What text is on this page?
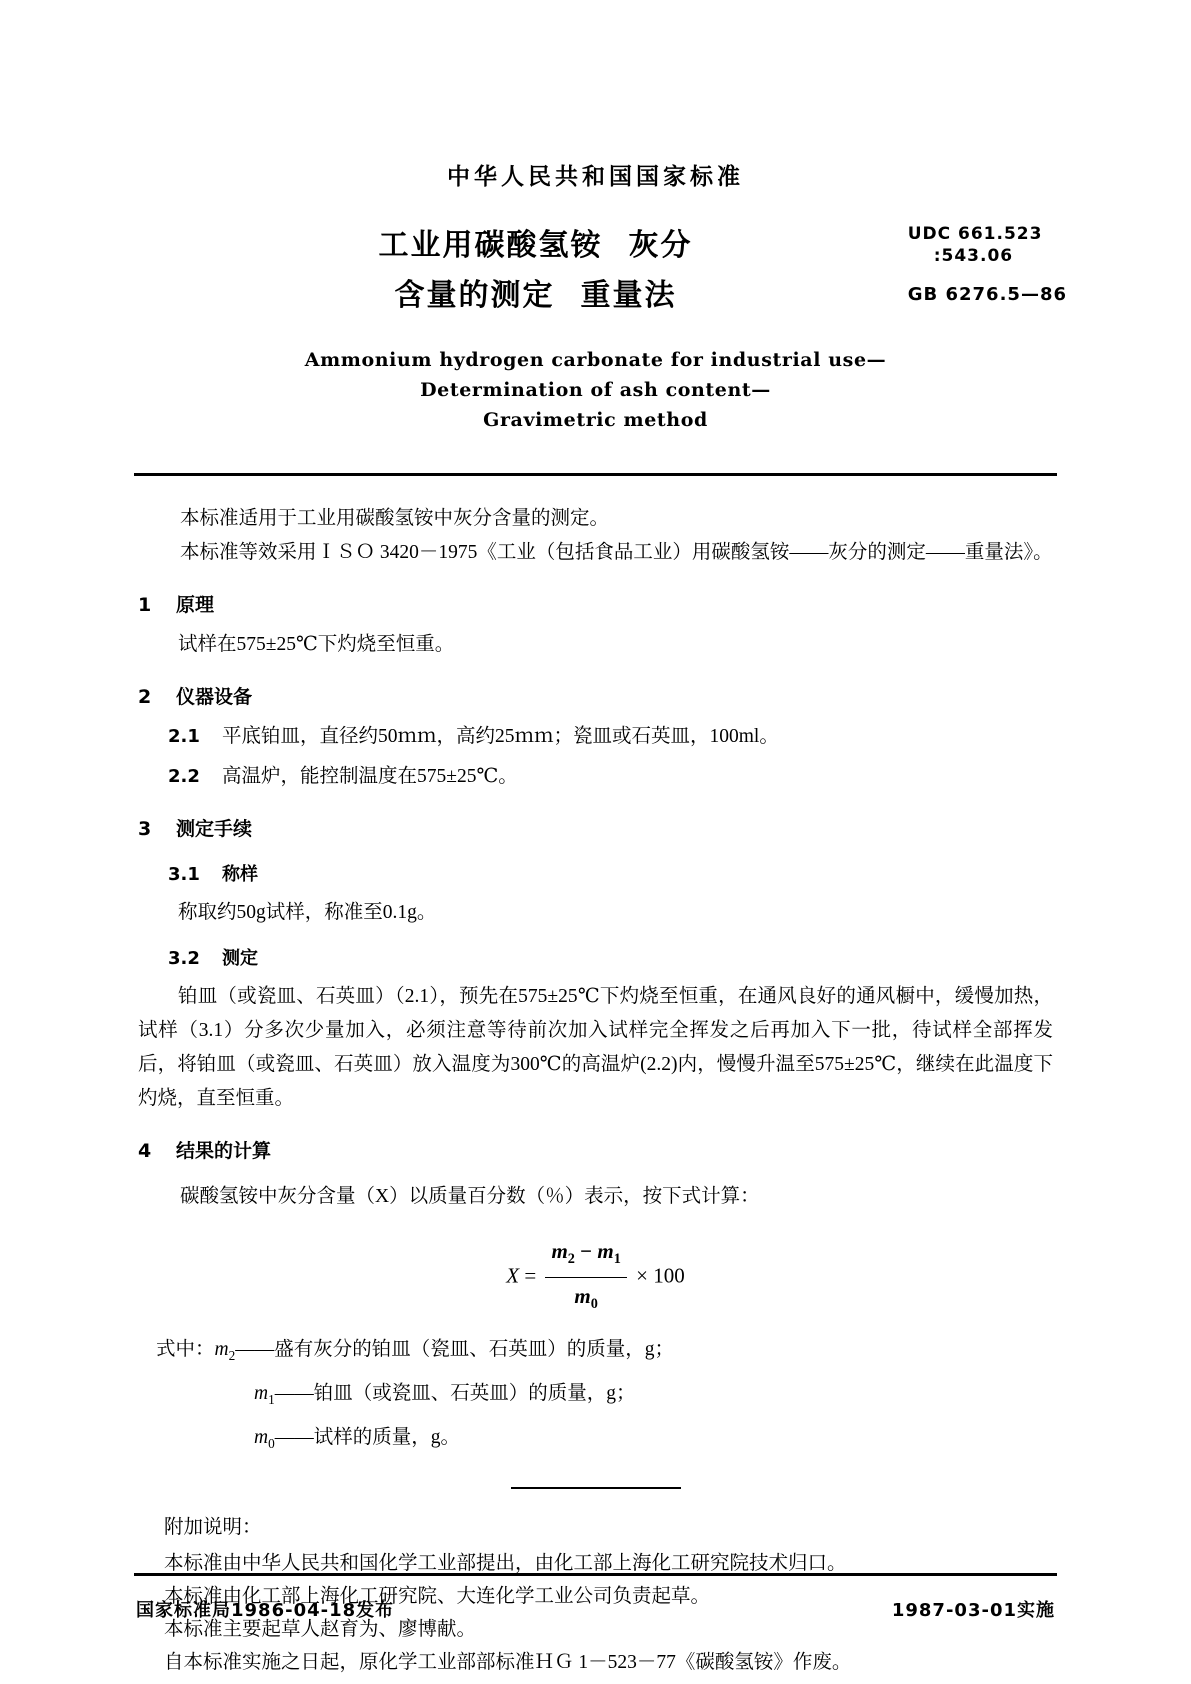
中华人民共和国国家标准
工业用碳酸氢铵 灰分
含量的测定 重量法
UDC 661.523
:543.06
GB 6276.5—86
Ammonium hydrogen carbonate for industrial use—
Determination of ash content—
Gravimetric method

本标准适用于工业用碳酸氢铵中灰分含量的测定。

本标准等效采用ＩＳＯ 3420－1975《工业（包括食品工业）用碳酸氢铵——灰分的测定——重量法》。

1 原理

试样在575±25℃下灼烧至恒重。

2 仪器设备
2.1 平底铂皿，直径约50ｍｍ，高约25ｍｍ；瓷皿或石英皿，100ml。
2.2 高温炉，能控制温度在575±25℃。
3 测定手续
3.1 称样

称取约50g试样，称准至0.1g。

3.2 测定

铂皿（或瓷皿、石英皿）（2.1），预先在575±25℃下灼烧至恒重，在通风良好的通风橱中，缓慢加热，试样（3.1）分多次少量加入，必须注意等待前次加入试样完全挥发之后再加入下一批，待试样全部挥发后，将铂皿（或瓷皿、石英皿）放入温度为300℃的高温炉(2.2)内，慢慢升温至575±25℃，继续在此温度下灼烧，直至恒重。

4 结果的计算

碳酸氢铵中灰分含量（X）以质量百分数（％）表示，按下式计算：

$X = \frac{m_2 - m_1}{m_0} \times 100$
式中：$m_2——$盛有灰分的铂皿（瓷皿、石英皿）的质量，g；
$m_1——$铂皿（或瓷皿、石英皿）的质量，g；
$m_0——$试样的质量，g。
附加说明：
本标准由中华人民共和国化学工业部提出，由化工部上海化工研究院技术归口。
本标准由化工部上海化工研究院、大连化学工业公司负责起草。
本标准主要起草人赵育为、廖博献。
自本标准实施之日起，原化学工业部部标准ＨＧ 1－523－77《碳酸氢铵》作废。
国家标准局1986-04-18发布	1987-03-01实施
